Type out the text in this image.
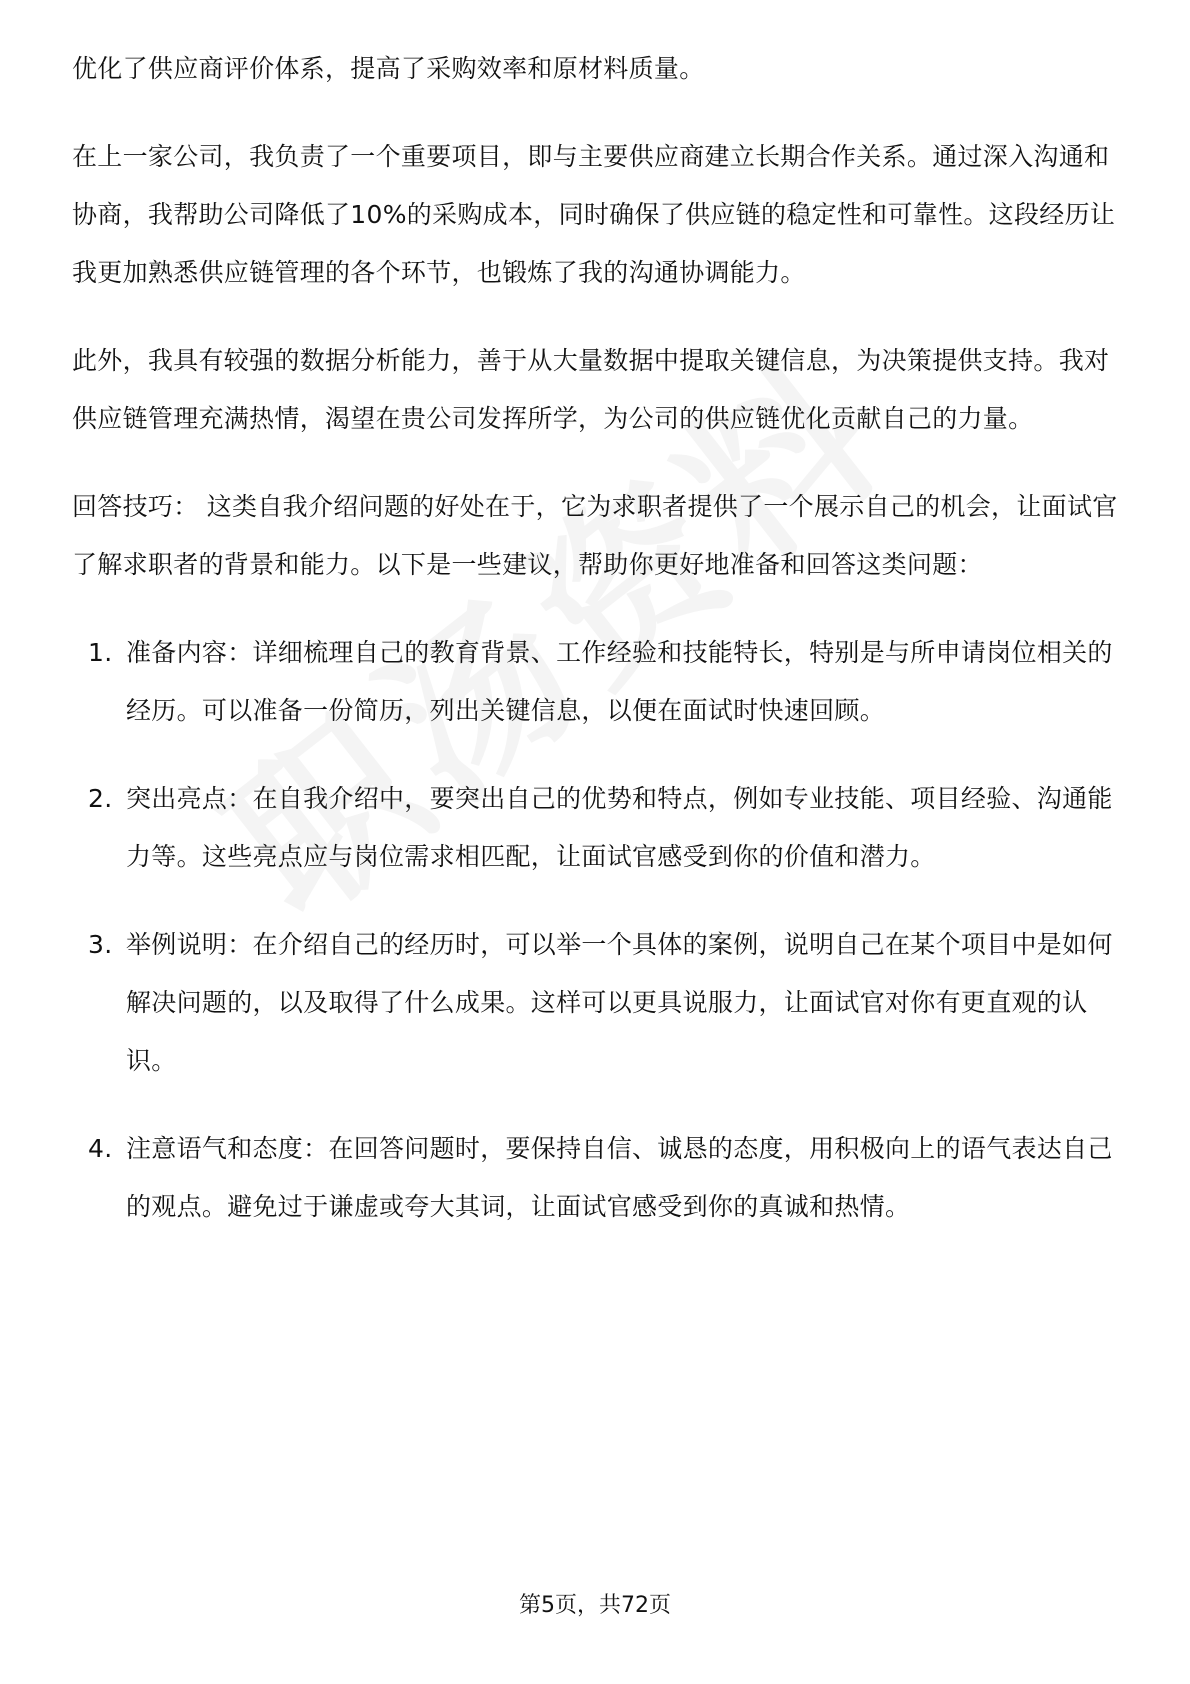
优化了供应商评价体系，提高了采购效率和原材料质量。

在上一家公司，我负责了一个重要项目，即与主要供应商建立长期合作关系。通过深入沟通和协商，我帮助公司降低了10%的采购成本，同时确保了供应链的稳定性和可靠性。这段经历让我更加熟悉供应链管理的各个环节，也锻炼了我的沟通协调能力。

此外，我具有较强的数据分析能力，善于从大量数据中提取关键信息，为决策提供支持。我对供应链管理充满热情，渴望在贵公司发挥所学，为公司的供应链优化贡献自己的力量。

回答技巧： 这类自我介绍问题的好处在于，它为求职者提供了一个展示自己的机会，让面试官了解求职者的背景和能力。以下是一些建议，帮助你更好地准备和回答这类问题：

1. 准备内容：详细梳理自己的教育背景、工作经验和技能特长，特别是与所申请岗位相关的经历。可以准备一份简历，列出关键信息，以便在面试时快速回顾。
2. 突出亮点：在自我介绍中，要突出自己的优势和特点，例如专业技能、项目经验、沟通能力等。这些亮点应与岗位需求相匹配，让面试官感受到你的价值和潜力。
3. 举例说明：在介绍自己的经历时，可以举一个具体的案例，说明自己在某个项目中是如何解决问题的，以及取得了什么成果。这样可以更具说服力，让面试官对你有更直观的认识。
4. 注意语气和态度：在回答问题时，要保持自信、诚恳的态度，用积极向上的语气表达自己的观点。避免过于谦虚或夸大其词，让面试官感受到你的真诚和热情。
第5页，共72页
